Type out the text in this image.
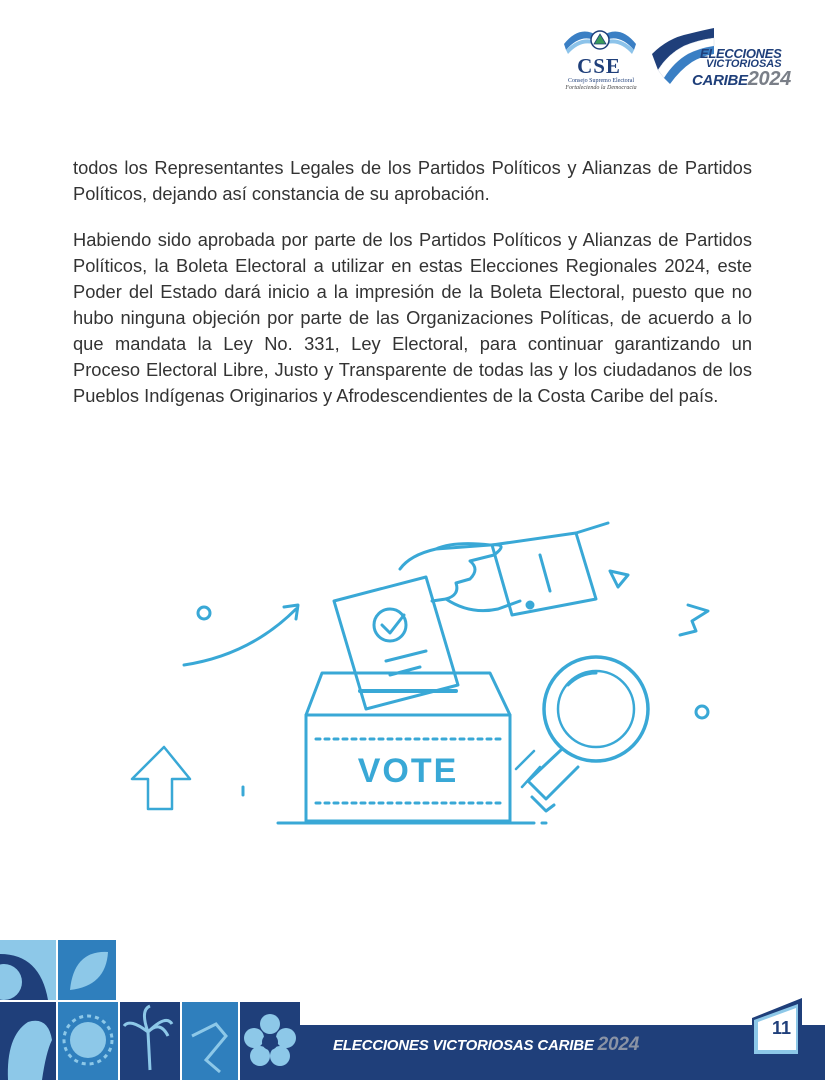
CSE
Consejo Supremo Electoral
Fortaleciendo la Democracia
ELECCIONES
VICTORIOSAS
CARIBE2024

todos los Representantes Legales de los Partidos Políticos y Alianzas de Partidos Políticos, dejando así constancia de su aprobación.

Habiendo sido aprobada por parte de los Partidos Políticos y Alianzas de Partidos Políticos, la Boleta Electoral a utilizar en estas Elecciones Regionales 2024, este Poder del Estado dará inicio a la impresión de la Boleta Electoral, puesto que no hubo ninguna objeción por parte de las Organizaciones Políticas, de acuerdo a lo que mandata la Ley No. 331, Ley Electoral, para continuar garantizando un Proceso Electoral Libre, Justo y Transparente de todas las y los ciudadanos de los Pueblos Indígenas Originarios y Afrodescendientes de la Costa Caribe del país.

VOTE
ELECCIONES VICTORIOSAS CARIBE 2024
11
